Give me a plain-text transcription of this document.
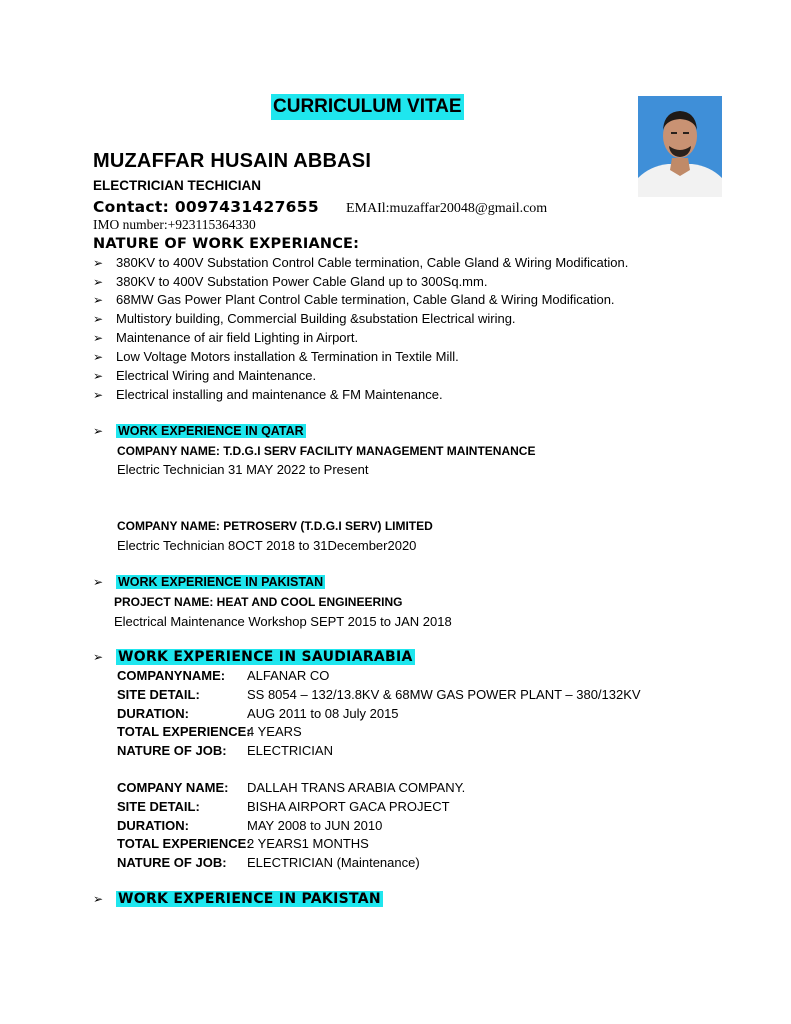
CURRICULUM VITAE
MUZAFFAR HUSAIN ABBASI
ELECTRICIAN TECHICIAN
Contact: 0097431427655 EMAIl:muzaffar20048@gmail.com
IMO number:+923115364330
NATURE OF WORK EXPERIANCE:
➢ 380KV to 400V Substation Control Cable termination, Cable Gland & Wiring Modification.
➢ 380KV to 400V Substation Power Cable Gland up to 300Sq.mm.
➢ 68MW Gas Power Plant Control Cable termination, Cable Gland & Wiring Modification.
➢ Multistory building, Commercial Building &substation Electrical wiring.
➢ Maintenance of air field Lighting in Airport.
➢ Low Voltage Motors installation & Termination in Textile Mill.
➢ Electrical Wiring and Maintenance.
➢ Electrical installing and maintenance & FM Maintenance.
➢ WORK EXPERIENCE IN QATAR
COMPANY NAME: T.D.G.I SERV FACILITY MANAGEMENT MAINTENANCE
Electric Technician 31 MAY 2022 to Present
COMPANY NAME: PETROSERV (T.D.G.I SERV) LIMITED
Electric Technician 8OCT 2018 to 31December2020
➢ WORK EXPERIENCE IN PAKISTAN
PROJECT NAME: HEAT AND COOL ENGINEERING
Electrical Maintenance Workshop SEPT 2015 to JAN 2018
➢ WORK EXPERIENCE IN SAUDIARABIA
COMPANYNAME: ALFANAR CO
SITE DETAIL:	SS 8054 – 132/13.8KV & 68MW GAS POWER PLANT – 380/132KV
DURATION:	AUG 2011 to 08 July 2015
TOTAL EXPERIENCE:4 YEARS
NATURE OF JOB: ELECTRICIAN
COMPANY NAME: DALLAH TRANS ARABIA COMPANY.
SITE DETAIL:	BISHA AIRPORT GACA PROJECT
DURATION:	MAY 2008 to JUN 2010
TOTAL EXPERIENCE:2 YEARS1 MONTHS
NATURE OF JOB: ELECTRICIAN (Maintenance)
➢ WORK EXPERIENCE IN PAKISTAN
